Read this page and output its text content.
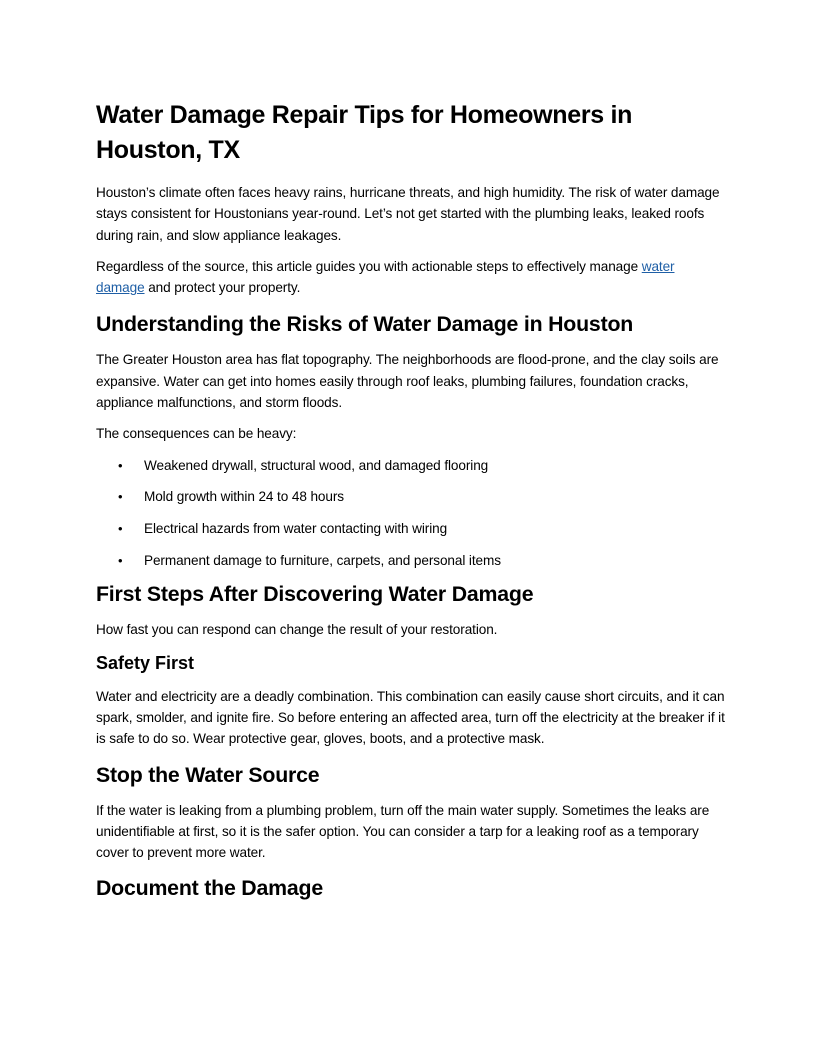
Water Damage Repair Tips for Homeowners in Houston, TX

Houston’s climate often faces heavy rains, hurricane threats, and high humidity. The risk of water damage stays consistent for Houstonians year-round. Let’s not get started with the plumbing leaks, leaked roofs during rain, and slow appliance leakages.

Regardless of the source, this article guides you with actionable steps to effectively manage water damage and protect your property.

Understanding the Risks of Water Damage in Houston

The Greater Houston area has flat topography. The neighborhoods are flood-prone, and the clay soils are expansive. Water can get into homes easily through roof leaks, plumbing failures, foundation cracks, appliance malfunctions, and storm floods.

The consequences can be heavy:

• Weakened drywall, structural wood, and damaged flooring
• Mold growth within 24 to 48 hours
• Electrical hazards from water contacting with wiring
• Permanent damage to furniture, carpets, and personal items
First Steps After Discovering Water Damage

How fast you can respond can change the result of your restoration.

Safety First

Water and electricity are a deadly combination. This combination can easily cause short circuits, and it can spark, smolder, and ignite fire. So before entering an affected area, turn off the electricity at the breaker if it is safe to do so. Wear protective gear, gloves, boots, and a protective mask.

Stop the Water Source

If the water is leaking from a plumbing problem, turn off the main water supply. Sometimes the leaks are unidentifiable at first, so it is the safer option. You can consider a tarp for a leaking roof as a temporary cover to prevent more water.

Document the Damage
